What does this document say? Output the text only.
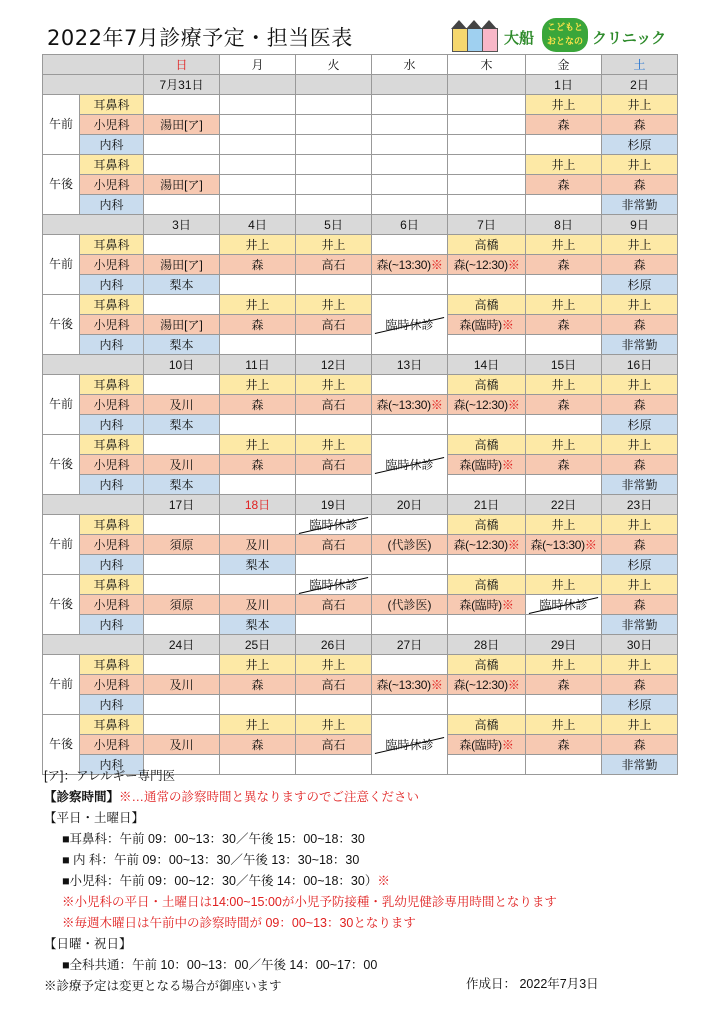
2022年7月診療予定・担当医表	大船
こどもと
おとなの クリニック
		日	月	火	水	木	金	土
		7月31日					1日	2日
午前	耳鼻科						井上	井上
	小児科	湯田[ア]					森	森
	内科							杉原
午後	耳鼻科						井上	井上
	小児科	湯田[ア]					森	森
	内科							非常勤
		3日	4日	5日	6日	7日	8日	9日
午前	耳鼻科		井上	井上		高橋	井上	井上
	小児科	湯田[ア]	森	高石	森(~13:30)※	森(~12:30)※	森	森
	内科	梨本						杉原
午後	耳鼻科		井上	井上	臨時休診	高橋	井上	井上
	小児科	湯田[ア]	森	高石		森(臨時)※	森	森
	内科	梨本						非常勤
		10日	11日	12日	13日	14日	15日	16日
午前	耳鼻科		井上	井上		高橋	井上	井上
	小児科	及川	森	高石	森(~13:30)※	森(~12:30)※	森	森
	内科	梨本						杉原
午後	耳鼻科		井上	井上	臨時休診	高橋	井上	井上
	小児科	及川	森	高石		森(臨時)※	森	森
	内科	梨本						非常勤
		17日	18日	19日	20日	21日	22日	23日
午前	耳鼻科			臨時休診		高橋	井上	井上
	小児科	須原	及川	高石	(代診医)	森(~12:30)※	森(~13:30)※	森
	内科		梨本					杉原
午後	耳鼻科			臨時休診		高橋	井上	井上
	小児科	須原	及川	高石	(代診医)	森(臨時)※	臨時休診	森
	内科		梨本					非常勤
		24日	25日	26日	27日	28日	29日	30日
午前	耳鼻科		井上	井上		高橋	井上	井上
	小児科	及川	森	高石	森(~13:30)※	森(~12:30)※	森	森
	内科							杉原
午後	耳鼻科		井上	井上	臨時休診	高橋	井上	井上
	小児科	及川	森	高石		森(臨時)※	森	森
	内科							非常勤
[ア]：アレルギー専門医
【診察時間】※…通常の診察時間と異なりますのでご注意ください
【平日・土曜日】
■耳鼻科：午前 09：00~13：30／午後 15：00~18：30
■ 内 科：午前 09：00~13：30／午後 13：30~18：30
■小児科：午前 09：00~12：30／午後 14：00~18：30）※
※小児科の平日・土曜日は14:00~15:00が小児予防接種・乳幼児健診専用時間となります
※毎週木曜日は午前中の診察時間が 09：00~13：30となります
【日曜・祝日】
■全科共通：午前 10：00~13：00／午後 14：00~17：00
※診療予定は変更となる場合が御座います	作成日： 2022年7月3日
